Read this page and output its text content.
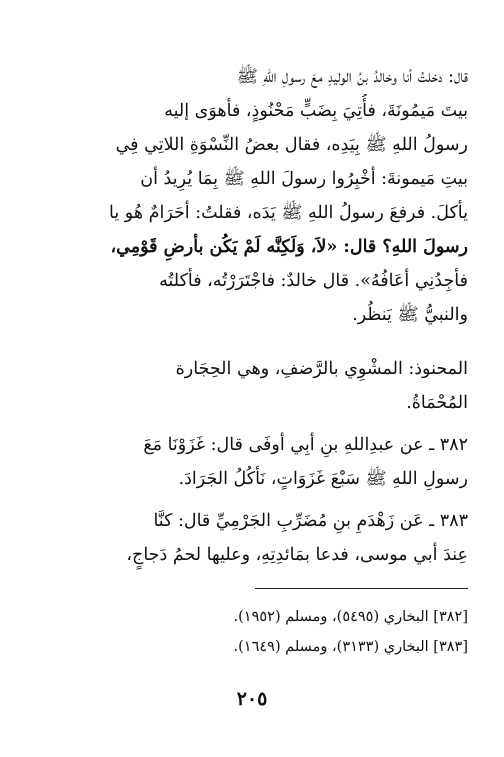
قال: دخلتُ أنا وخالدُ بنُ الوليدِ معَ رسولِ اللهِ ﷺ
بيتَ مَيمُونَةَ، فأُتِيَ بِضَبٍّ مَحْنُوذٍ، فأهوَى إليه
رسولُ اللهِ ﷺ بِيَدِه، فقال بعضُ النِّسْوَةِ اللاتِي فِي
بيتِ مَيمونةَ: أخْبِرُوا رسولَ اللهِ ﷺ بِمَا يُرِيدُ أن
يأكلَ. فرفعَ رسولُ اللهِ ﷺ يَدَه، فقلتُ: أحَرَامٌ هُو يا
رسولَ اللهِ؟ قال: «لاَ، وَلَكِنَّه لَمْ يَكُن بأرضِ قَوْمِي،
فأجِدُنِي أعَافُهُ». قال خالدٌ: فاجْتَرَرْتُه، فأكلتُه
والنبيُّ ﷺ يَنظُر.
المحنوذ: المشْوِي بالرَّضفِ، وهي الحِجَارة
المُحْمَاةُ.
٣٨٢ ـ عن عبدِاللهِ بنِ أبِي أوفَى قال: غَزَوْنَا مَعَ
رسولِ اللهِ ﷺ سَبْعَ غَزَوَاتٍ، نَأكُلُ الجَرَادَ.
٣٨٣ ـ عَن زَهْدَمِ بنِ مُضَرِّبِ الجَرْمِيِّ قال: كنَّا
عِندَ أبي موسى، فدعا بمَائدِتِهِ، وعليها لحمُ دَجاجٍ،
[٣٨٢] البخاري (٥٤٩٥)، ومسلم (١٩٥٢).
[٣٨٣] البخاري (٣١٣٣)، ومسلم (١٦٤٩).
٢٠٥
